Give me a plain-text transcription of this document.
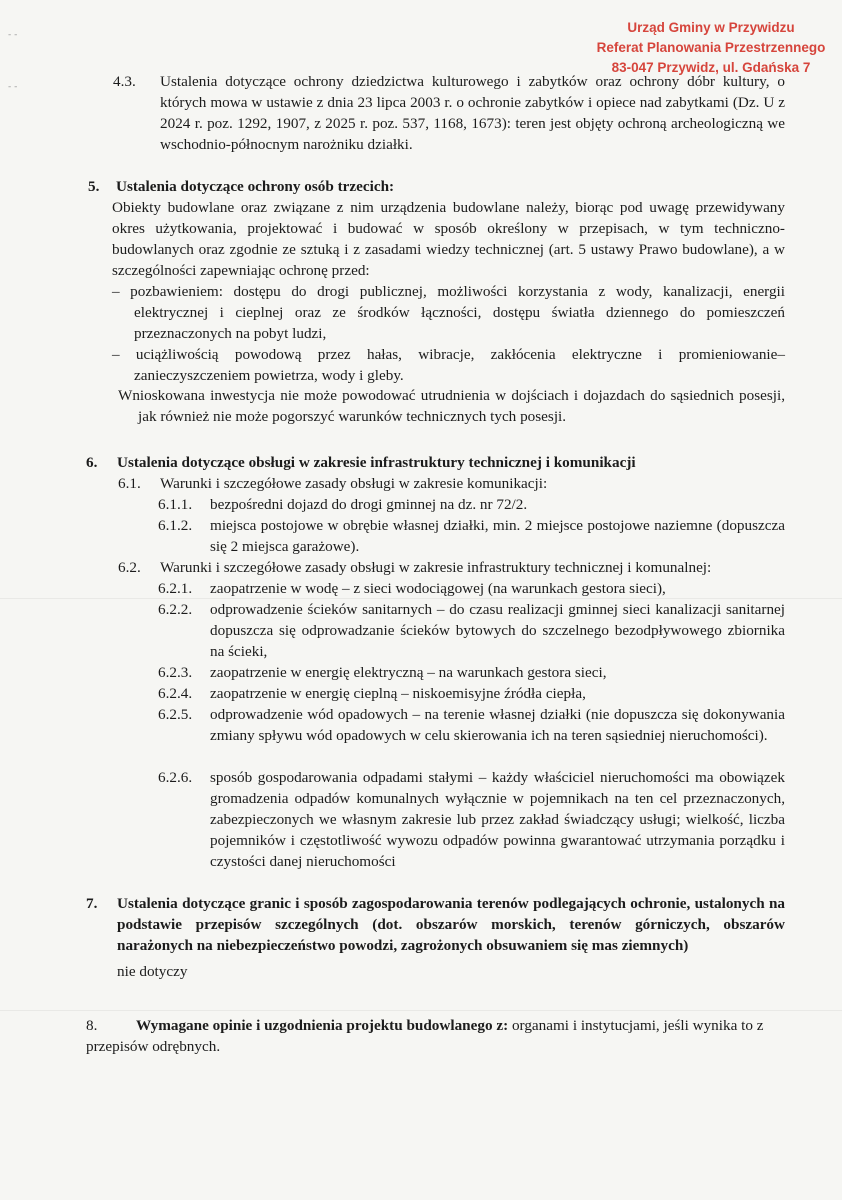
- -
- -
Urząd Gminy w Przywidzu
Referat Planowania Przestrzennego
83-047 Przywidz, ul. Gdańska 7
4.3. Ustalenia dotyczące ochrony dziedzictwa kulturowego i zabytków oraz ochrony dóbr kultury, o których mowa w ustawie z dnia 23 lipca 2003 r. o ochronie zabytków i opiece nad zabytkami (Dz. U z 2024 r. poz. 1292, 1907, z 2025 r. poz. 537, 1168, 1673): teren jest objęty ochroną archeologiczną we wschodnio-północnym narożniku działki.
5. Ustalenia dotyczące ochrony osób trzecich:
Obiekty budowlane oraz związane z nim urządzenia budowlane należy, biorąc pod uwagę przewidywany okres użytkowania, projektować i budować w sposób określony w przepisach, w tym techniczno-budowlanych oraz zgodnie ze sztuką i z zasadami wiedzy technicznej (art. 5 ustawy Prawo budowlane), a w szczególności zapewniając ochronę przed:
– pozbawieniem: dostępu do drogi publicznej, możliwości korzystania z wody, kanalizacji, energii elektrycznej i cieplnej oraz ze środków łączności, dostępu światła dziennego do pomieszczeń przeznaczonych na pobyt ludzi,
– uciążliwością powodową przez hałas, wibracje, zakłócenia elektryczne i promieniowanie– zanieczyszczeniem powietrza, wody i gleby.
Wnioskowana inwestycja nie może powodować utrudnienia w dojściach i dojazdach do sąsiednich posesji, jak również nie może pogorszyć warunków technicznych tych posesji.
6. Ustalenia dotyczące obsługi w zakresie infrastruktury technicznej i komunikacji
6.1. Warunki i szczegółowe zasady obsługi w zakresie komunikacji:
6.1.1. bezpośredni dojazd do drogi gminnej na dz. nr 72/2.
6.1.2. miejsca postojowe w obrębie własnej działki, min. 2 miejsce postojowe naziemne (dopuszcza się 2 miejsca garażowe).
6.2. Warunki i szczegółowe zasady obsługi w zakresie infrastruktury technicznej i komunalnej:
6.2.1. zaopatrzenie w wodę – z sieci wodociągowej (na warunkach gestora sieci),
6.2.2. odprowadzenie ścieków sanitarnych – do czasu realizacji gminnej sieci kanalizacji sanitarnej dopuszcza się odprowadzanie ścieków bytowych do szczelnego bezodpływowego zbiornika na ścieki,
6.2.3. zaopatrzenie w energię elektryczną – na warunkach gestora sieci,
6.2.4. zaopatrzenie w energię cieplną – niskoemisyjne źródła ciepła,
6.2.5. odprowadzenie wód opadowych – na terenie własnej działki (nie dopuszcza się dokonywania zmiany spływu wód opadowych w celu skierowania ich na teren sąsiedniej nieruchomości).
6.2.6. sposób gospodarowania odpadami stałymi – każdy właściciel nieruchomości ma obowiązek gromadzenia odpadów komunalnych wyłącznie w pojemnikach na ten cel przeznaczonych, zabezpieczonych we własnym zakresie lub przez zakład świadczący usługi; wielkość, liczba pojemników i częstotliwość wywozu odpadów powinna gwarantować utrzymania porządku i czystości danej nieruchomości
7. Ustalenia dotyczące granic i sposób zagospodarowania terenów podlegających ochronie, ustalonych na podstawie przepisów szczególnych (dot. obszarów morskich, terenów górniczych, obszarów narażonych na niebezpieczeństwo powodzi, zagrożonych obsuwaniem się mas ziemnych)
nie dotyczy
8.	Wymagane opinie i uzgodnienia projektu budowlanego z: organami i instytucjami, jeśli wynika to z przepisów odrębnych.
